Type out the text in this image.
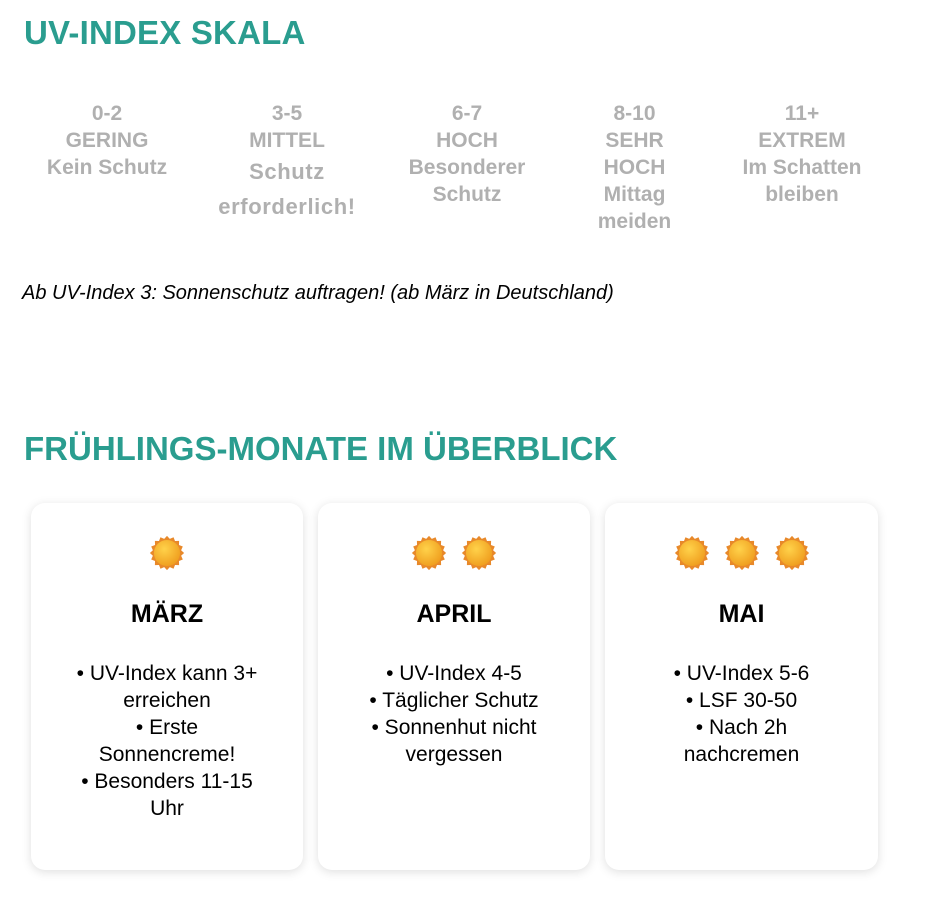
UV-INDEX SKALA
0-2
GERING
Kein Schutz
3-5
MITTEL
Schutz
erforderlich!
6-7
HOCH
Besonderer
Schutz
8-10
SEHR
HOCH
Mittag
meiden
11+
EXTREM
Im Schatten
bleiben

Ab UV-Index 3: Sonnenschutz auftragen! (ab März in Deutschland)

FRÜHLINGS-MONATE IM ÜBERBLICK
MÄRZ
• UV-Index kann 3+
erreichen
• Erste
Sonnencreme!
• Besonders 11-15
Uhr
APRIL
• UV-Index 4-5
• Täglicher Schutz
• Sonnenhut nicht
vergessen
MAI
• UV-Index 5-6
• LSF 30-50
• Nach 2h
nachcremen
